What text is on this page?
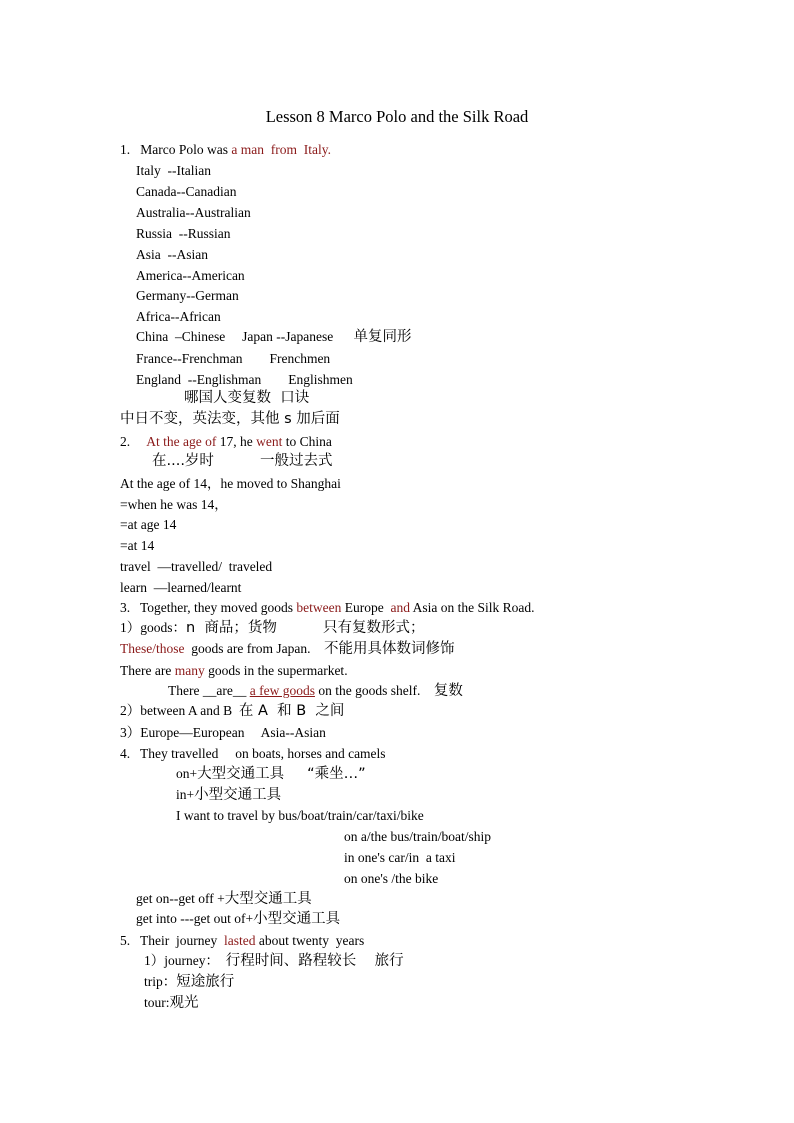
Lesson 8 Marco Polo and the Silk Road
1.   Marco Polo was a man  from  Italy.
Italy  --Italian
Canada--Canadian
Australia--Australian
Russia  --Russian
Asia  --Asian
America--American
Germany--German
Africa--African
China  –Chinese     Japan --Japanese      单复同形
France--Frenchman        Frenchmen
England  --Englishman        Englishmen
哪国人变复数  口诀
中日不变，英法变，其他 s 加后面
2.     At the age of 17, he went to China
在....岁时          一般过去式
At the age of 14，he moved to Shanghai
=when he was 14，
=at age 14
=at 14
travel  —travelled/  traveled
learn  —learned/learnt
3.   Together, they moved goods between Europe  and Asia on the Silk Road.
1）goods：n  商品；货物          只有复数形式；
These/those  goods are from Japan.    不能用具体数词修饰
There are many goods in the supermarket.
There __are__ a few goods on the goods shelf.    复数
2）between A and B  在 A  和 B  之间
3）Europe—European     Asia--Asian
4.   They travelled     on boats, horses and camels
on+大型交通工具     “乘坐…”
in+小型交通工具
I want to travel by bus/boat/train/car/taxi/bike
on a/the bus/train/boat/ship
in one's car/in  a taxi
on one's /the bike
get on--get off +大型交通工具
get into ---get out of+小型交通工具
5.   Their  journey  lasted about twenty  years
1）journey：  行程时间、路程较长    旅行
trip：短途旅行
tour:观光
